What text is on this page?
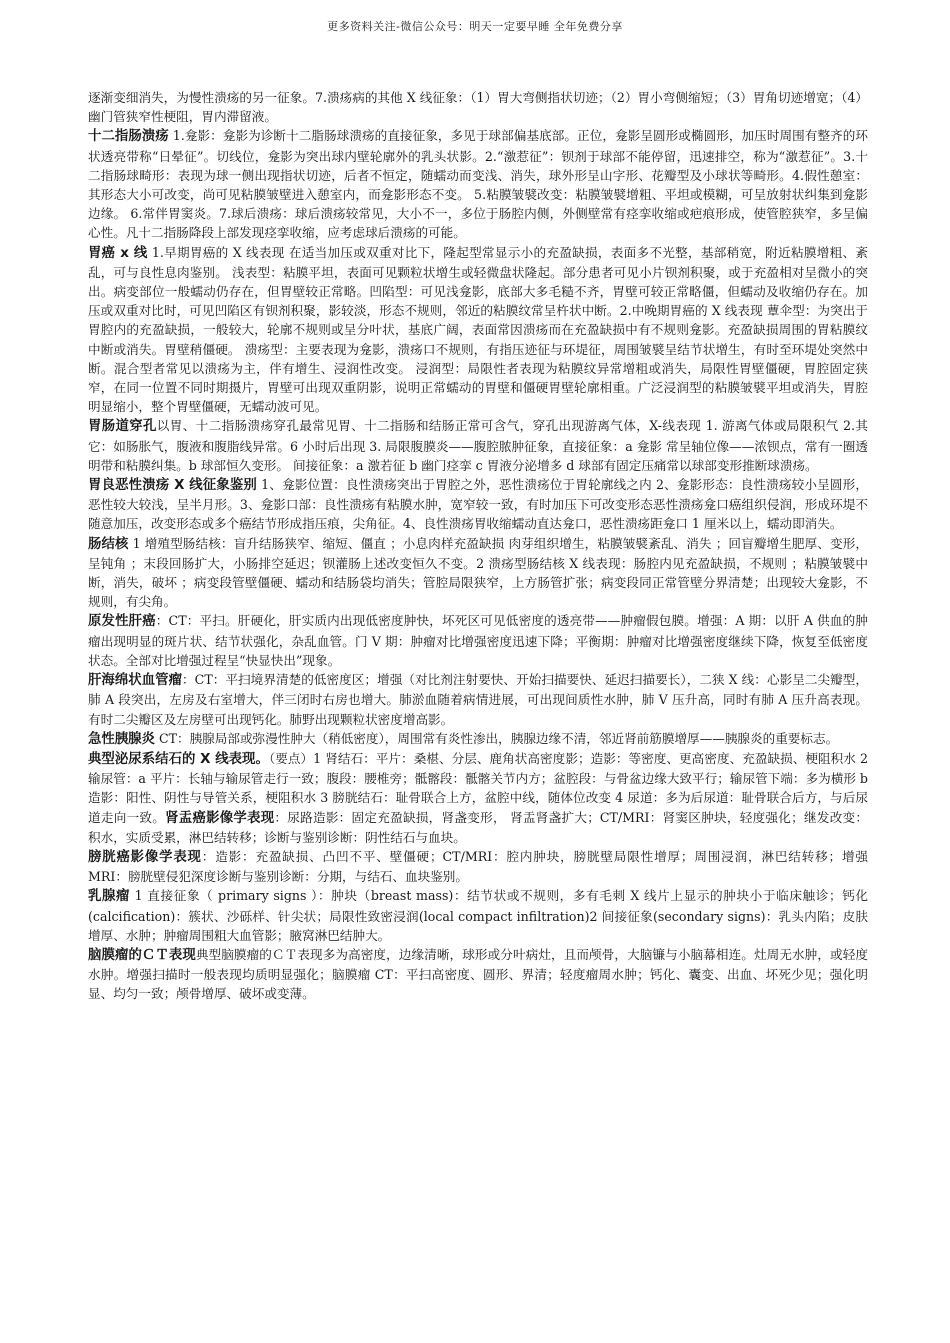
更多资料关注-微信公众号：明天一定要早睡 全年免费分享

逐渐变细消失，为慢性溃疡的另一征象。7.溃疡病的其他 X 线征象：（1）胃大弯侧指状切迹；（2）胃小弯侧缩短；（3）胃角切迹增宽；（4）幽门管狭窄性梗阻，胃内滞留液。

十二指肠溃疡 1.龛影：龛影为诊断十二脂肠球溃疡的直接征象，多见于球部偏基底部。正位，龛影呈圆形或椭圆形，加压时周围有整齐的环状透亮带称“日晕征”。切线位，龛影为突出球内壁轮廓外的乳头状影。2.“激惹征”：钡剂于球部不能停留，迅速排空，称为“激惹征”。3.十二指肠球畸形：表现为球一侧出现指状切迹，后者不恒定，随蠕动而变浅、消失，球外形呈山字形、花瓣型及小球状等畸形。4.假性憩室：其形态大小可改变，尚可见粘膜皱壁进入憩室内，而龛影形态不变。 5.粘膜皱襞改变：粘膜皱襞增粗、平坦或模糊，可呈放射状纠集到龛影边缘。 6.常伴胃窦炎。7.球后溃疡：球后溃疡较常见，大小不一，多位于肠腔内侧，外侧壁常有痉挛收缩或疤痕形成，使管腔狭窄，多呈偏心性。凡十二指肠降段上部发现痉挛收缩，应考虑球后溃疡的可能。

胃癌 x 线 1.早期胃癌的 X 线表现 在适当加压或双重对比下，隆起型常显示小的充盈缺损，表面多不光整，基部稍宽，附近粘膜增粗、紊乱，可与良性息肉鉴别。 浅表型：粘膜平坦，表面可见颗粒状增生或轻微盘状隆起。部分患者可见小片钡剂积聚，或于充盈相对呈微小的突出。病变部位一般蠕动仍存在，但胃壁较正常略。凹陷型：可见浅龛影，底部大多毛糙不齐，胃壁可较正常略僵，但蠕动及收缩仍存在。加压或双重对比时，可见凹陷区有钡剂积聚，影较淡，形态不规则，邻近的粘膜纹常呈杵状中断。2.中晚期胃癌的 X 线表现 蕈伞型：为突出于胃腔内的充盈缺损，一般较大，轮廓不规则或呈分叶状，基底广阔，表面常因溃疡而在充盈缺损中有不规则龛影。充盈缺损周围的胃粘膜纹中断或消失。胃壁稍僵硬。 溃疡型：主要表现为龛影，溃疡口不规则，有指压迹征与环堤征，周围皱襞呈结节状增生，有时至环堤处突然中断。混合型者常见以溃疡为主，伴有增生、浸润性改变。 浸润型：局限性者表现为粘膜纹异常增粗或消失，局限性胃壁僵硬，胃腔固定狭窄，在同一位置不同时期摄片，胃壁可出现双重阴影，说明正常蠕动的胃壁和僵硬胃壁轮廓相重。广泛浸润型的粘膜皱襞平坦或消失，胃腔明显缩小，整个胃壁僵硬，无蠕动波可见。

胃肠道穿孔以胃、十二指肠溃疡穿孔最常见胃、十二指肠和结肠正常可含气，穿孔出现游离气体，X-线表现 1. 游离气体或局限积气 2.其它：如肠胀气，腹液和腹脂线异常。6 小时后出现 3. 局限腹膜炎——腹腔脓肿征象，直接征象：a 龛影 常呈轴位像——浓钡点，常有一圈透明带和粘膜纠集。b 球部恒久变形。 间接征象：a 激若征 b 幽门痉挛 c 胃液分泌增多 d 球部有固定压痛常以球部变形推断球溃疡。

胃良恶性溃疡 X 线征象鉴别 1、龛影位置：良性溃疡突出于胃腔之外，恶性溃疡位于胃轮廓线之内 2、龛影形态：良性溃疡较小呈圆形，恶性较大较浅，呈半月形。3、龛影口部：良性溃疡有粘膜水肿，宽窄较一致，有时加压下可改变形态恶性溃疡龛口癌组织侵润，形成环堤不随意加压，改变形态或多个癌结节形成指压痕，尖角征。4、良性溃疡胃收缩蠕动直达龛口，恶性溃疡距龛口 1 厘米以上，蠕动即消失。

肠结核 1 增殖型肠结核：盲升结肠狭窄、缩短、僵直 ；小息肉样充盈缺损 肉芽组织增生，粘膜皱襞紊乱、消失 ；回盲瓣增生肥厚、变形，呈钝角 ；末段回肠扩大，小肠排空延迟；钡灌肠上述改变恒久不变。2 溃疡型肠结核 X 线表现：肠腔内见充盈缺损，不规则 ；粘膜皱襞中断，消失，破坏 ；病变段管壁僵硬、蠕动和结肠袋均消失；管腔局限狭窄，上方肠管扩张；病变段同正常管壁分界清楚；出现较大龛影，不规则，有尖角。

原发性肝癌：CT：平扫。肝硬化，肝实质内出现低密度肿快，坏死区可见低密度的透亮带——肿瘤假包膜。增强：A 期：以肝 A 供血的肿瘤出现明显的斑片状、结节状强化，杂乱血管。门 V 期：肿瘤对比增强密度迅速下降；平衡期：肿瘤对比增强密度继续下降，恢复至低密度状态。全部对比增强过程呈“快显快出”现象。

肝海绵状血管瘤：CT：平扫境界清楚的低密度区；增强（对比剂注射要快、开始扫描要快、延迟扫描要长），二狭 X 线：心影呈二尖瓣型，肺 A 段突出，左房及右室增大，伴三闭时右房也增大。肺淤血随着病情进展，可出现间质性水肿，肺 V 压升高，同时有肺 A 压升高表现。有时二尖瓣区及左房壁可出现钙化。肺野出现颗粒状密度增高影。

急性胰腺炎 CT：胰腺局部或弥漫性肿大（稍低密度），周围常有炎性渗出，胰腺边缘不清，邻近肾前筋膜增厚——胰腺炎的重要标志。

典型泌尿系结石的 X 线表现。（要点）1 肾结石：平片：桑椹、分层、鹿角状高密度影；造影：等密度、更高密度、充盈缺损、梗阻积水 2 输尿管：a 平片：长轴与输尿管走行一致；腹段：腰椎旁；骶髂段：骶髂关节内方；盆腔段：与骨盆边缘大致平行；输尿管下端：多为横形 b 造影：阳性、阴性与导管关系，梗阻积水 3 膀胱结石：耻骨联合上方，盆腔中线，随体位改变 4 尿道：多为后尿道：耻骨联合后方，与后尿道走向一致。肾盂癌影像学表现：尿路造影：固定充盈缺损，肾盏变形， 肾盂肾盏扩大；CT/MRI：肾窦区肿块，轻度强化；继发改变： 积水，实质受累，淋巴结转移；诊断与鉴别诊断：阴性结石与血块。

膀胱癌影像学表现：造影：充盈缺损、凸凹不平、壁僵硬；CT/MRI：腔内肿块，膀胱壁局限性增厚；周围浸润，淋巴结转移；增强 MRI：膀胱壁侵犯深度诊断与鉴别诊断：分期，与结石、血块鉴别。

乳腺瘤 1 直接征象（ primary signs ）：肿块（breast mass)：结节状或不规则，多有毛刺 X 线片上显示的肿块小于临床触诊；钙化(calcification)：簇状、沙砾样、针尖状；局限性致密浸润(local compact infiltration)2 间接征象(secondary signs)：乳头内陷；皮肤增厚、水肿；肿瘤周围粗大血管影；腋窝淋巴结肿大。

脑膜瘤的ＣＴ表现典型脑膜瘤的ＣＴ表现多为高密度，边缘清晰，球形或分叶病灶，且而颅骨，大脑镰与小脑幕相连。灶周无水肿，或轻度水肿。增强扫描时一般表现均质明显强化；脑膜瘤 CT：平扫高密度、圆形、界清；轻度瘤周水肿；钙化、囊变、出血、坏死少见；强化明显、均匀一致；颅骨增厚、破坏或变薄。
